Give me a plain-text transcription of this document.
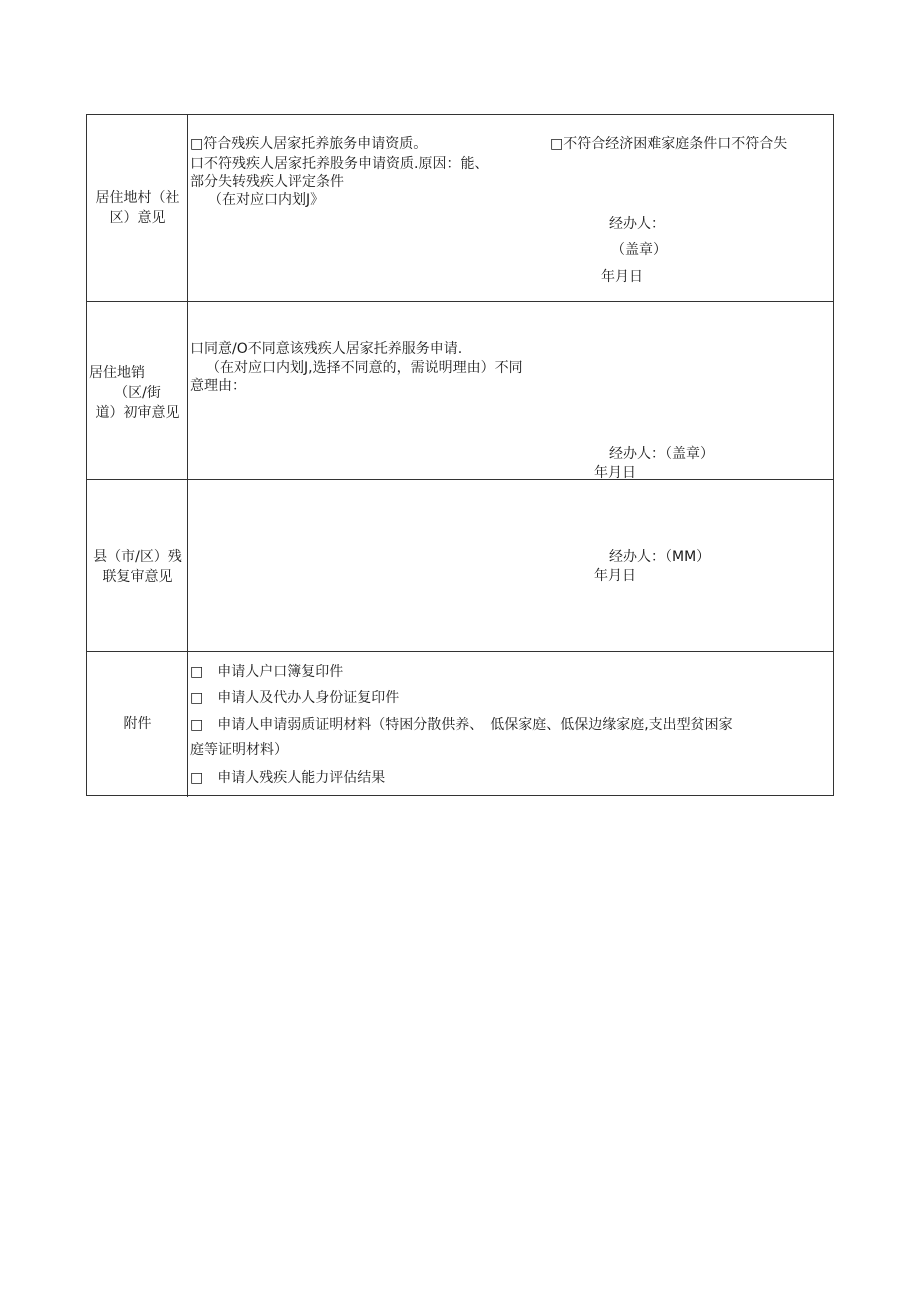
居住地村（社
区）意见
□符合残疾人居家托养旅务申请资质。
口不符残疾人居家托养股务申请资质.原因：能、
部分失转残疾人评定条件
（在对应口内划J》
□不符合经济困难家庭条件口不符合失
经办人：
（盖章）
年月日
居住地销
（区/街
道）初审意见
口同意/O不同意该残疾人居家托养服务申请.
（在对应口内划J,选择不同意的，需说明理由）不同
意理由：
经办人：（盖章）
年月日
县（市/区）残
联复审意见
经办人：（MM）
年月日
附件
□　申请人户口簿复印件
□　申请人及代办人身份证复印件
□　申请人申请弱质证明材料（特困分散供养、　低保家庭、低保边缘家庭,支出型贫困家
庭等证明材料）
□　申请人残疾人能力评估结果
